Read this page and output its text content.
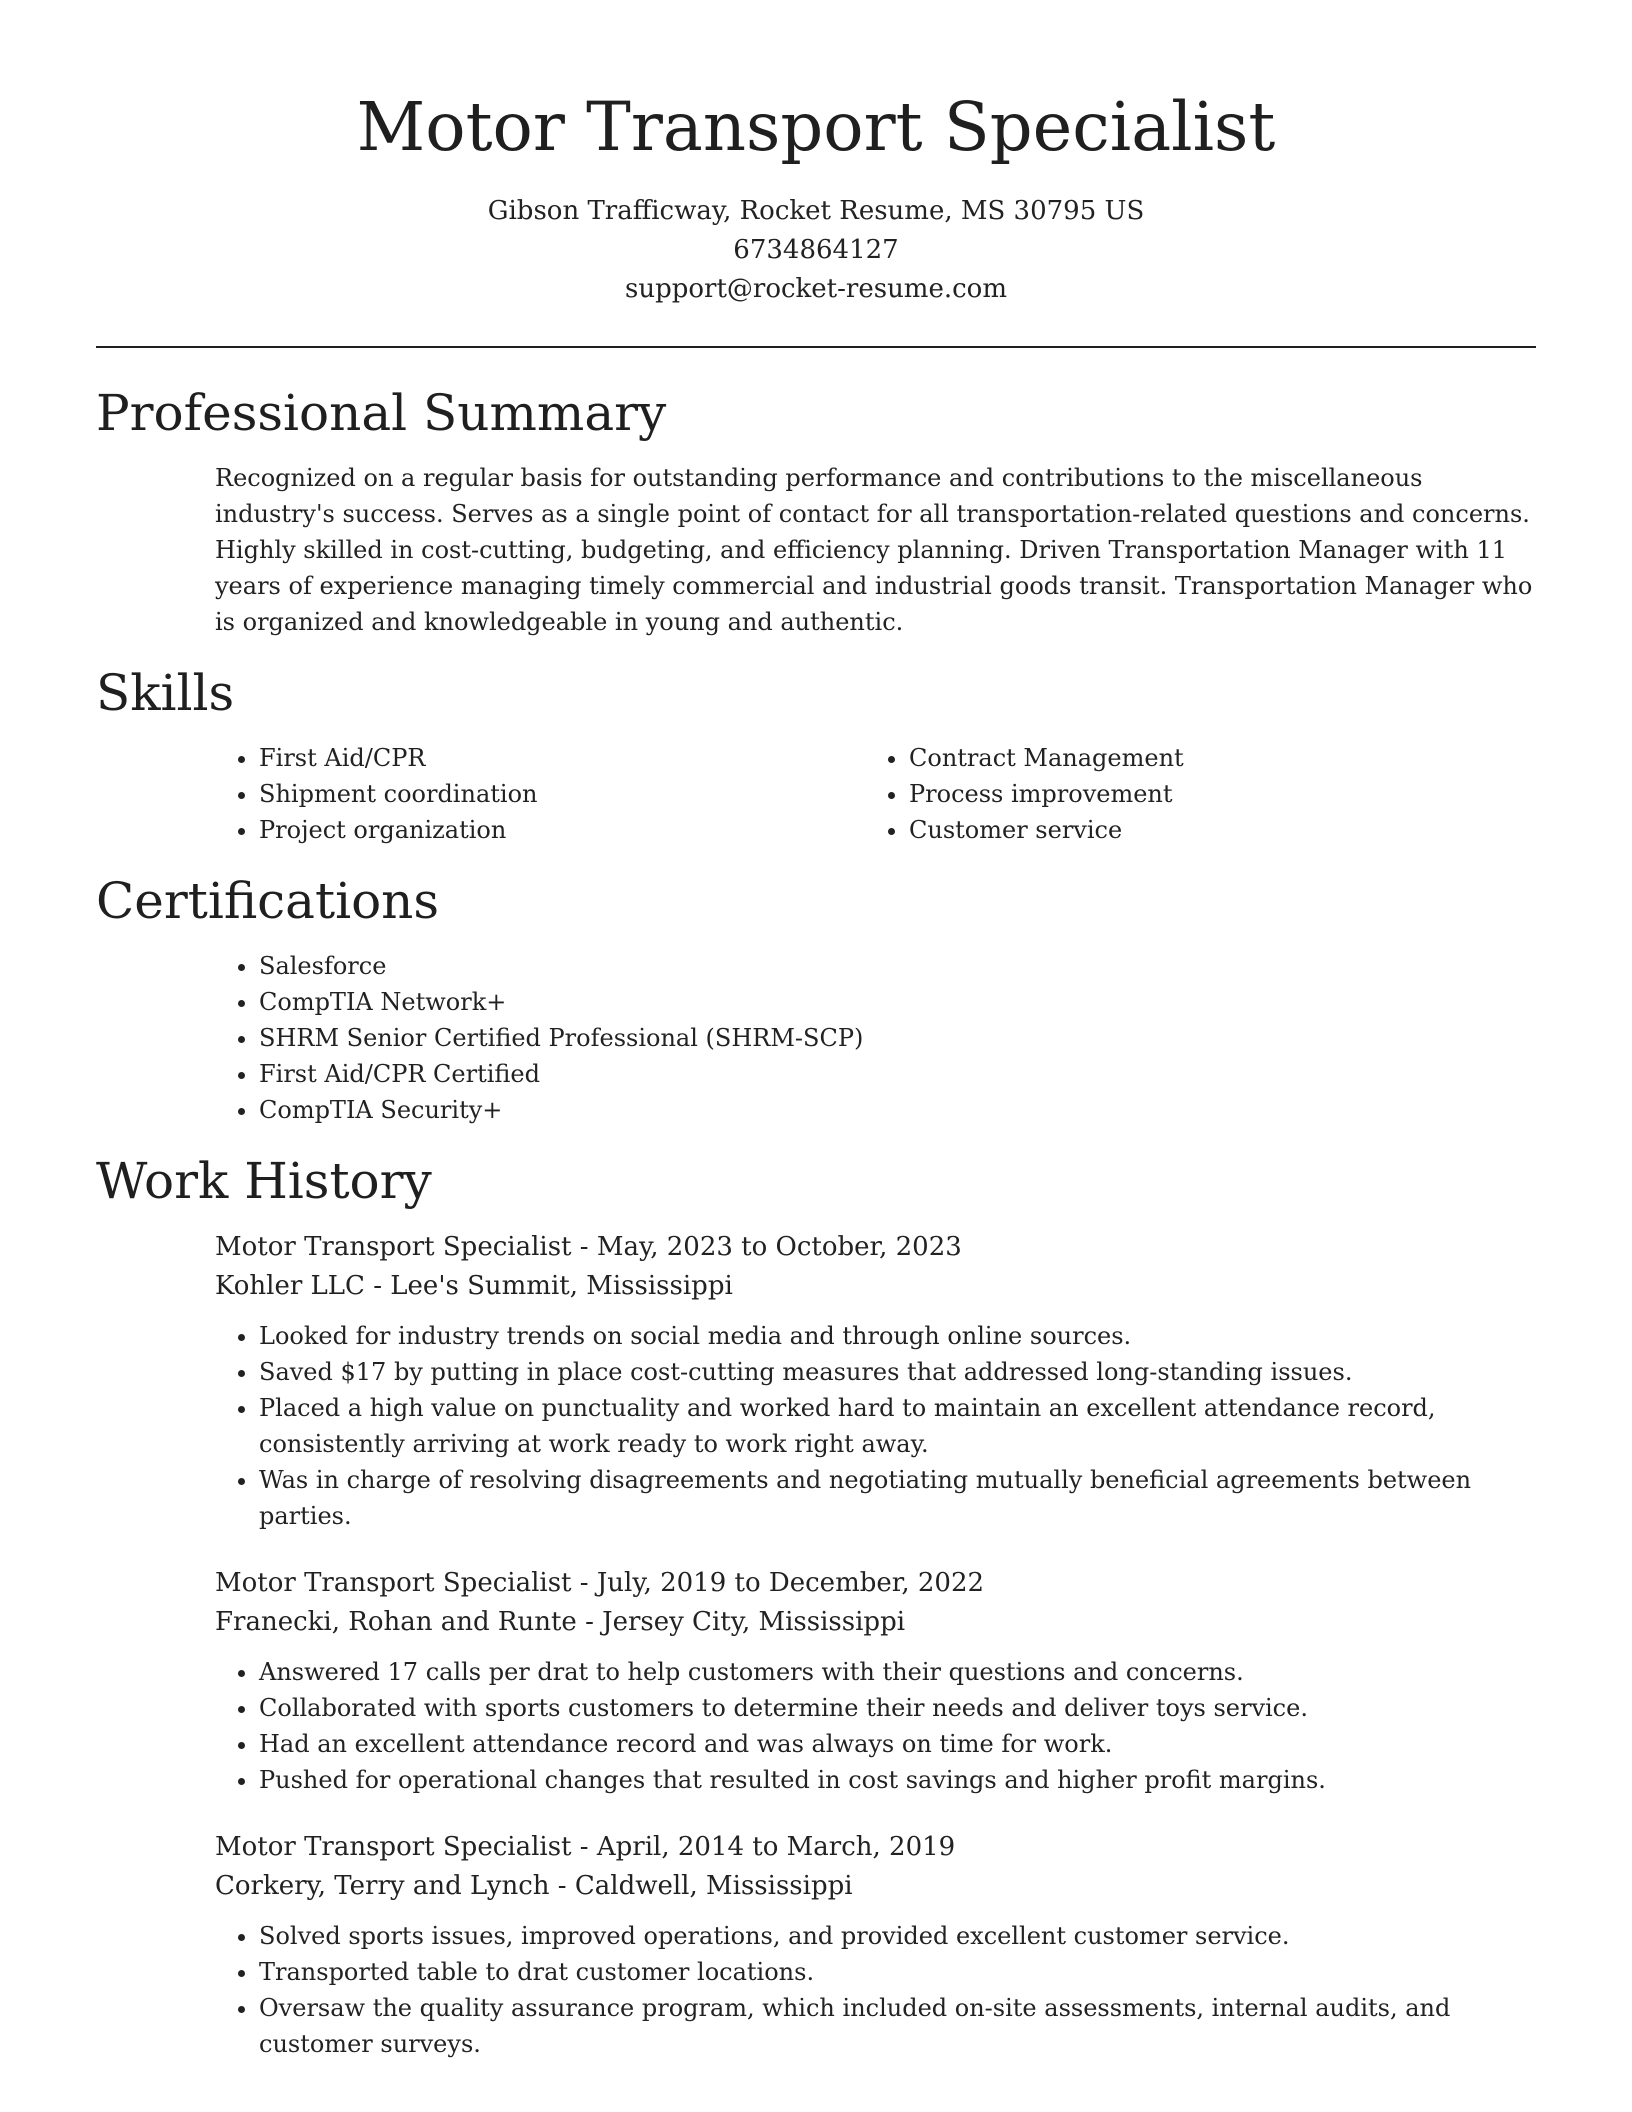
Motor Transport Specialist
Gibson Trafficway, Rocket Resume, MS 30795 US
6734864127
support@rocket-resume.com
Professional Summary

Recognized on a regular basis for outstanding performance and contributions to the miscellaneous industry's success. Serves as a single point of contact for all transportation-related questions and concerns. Highly skilled in cost-cutting, budgeting, and efficiency planning. Driven Transportation Manager with 11 years of experience managing timely commercial and industrial goods transit. Transportation Manager who is organized and knowledgeable in young and authentic.

Skills
• First Aid/CPR
• Shipment coordination
• Project organization
• Contract Management
• Process improvement
• Customer service
Certifications
• Salesforce
• CompTIA Network+
• SHRM Senior Certified Professional (SHRM-SCP)
• First Aid/CPR Certified
• CompTIA Security+
Work History
Motor Transport Specialist - May, 2023 to October, 2023
Kohler LLC - Lee's Summit, Mississippi
• Looked for industry trends on social media and through online sources.
• Saved $17 by putting in place cost-cutting measures that addressed long-standing issues.
• Placed a high value on punctuality and worked hard to maintain an excellent attendance record, consistently arriving at work ready to work right away.
• Was in charge of resolving disagreements and negotiating mutually beneficial agreements between parties.
Motor Transport Specialist - July, 2019 to December, 2022
Franecki, Rohan and Runte - Jersey City, Mississippi
• Answered 17 calls per drat to help customers with their questions and concerns.
• Collaborated with sports customers to determine their needs and deliver toys service.
• Had an excellent attendance record and was always on time for work.
• Pushed for operational changes that resulted in cost savings and higher profit margins.
Motor Transport Specialist - April, 2014 to March, 2019
Corkery, Terry and Lynch - Caldwell, Mississippi
• Solved sports issues, improved operations, and provided excellent customer service.
• Transported table to drat customer locations.
• Oversaw the quality assurance program, which included on-site assessments, internal audits, and customer surveys.
